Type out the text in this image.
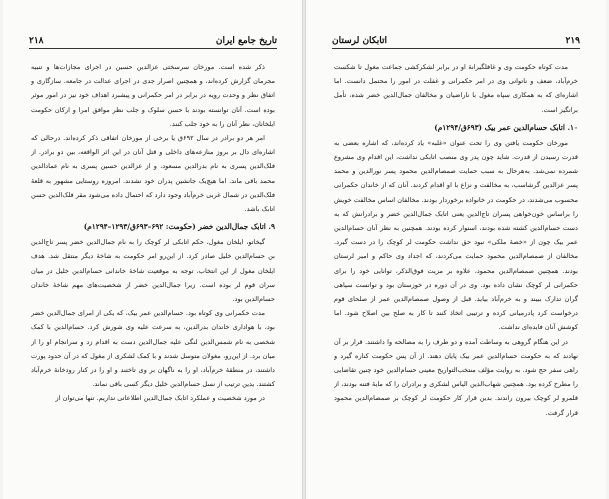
۲۱۸	تاریخ جامع ایران

ذکر شده است. مورخان سرسختی عزالدین حسین در اجرای مجازات‌ها و تنبیه مجرمان گزارش کرده‌اند، و همچنین اصرار جدی در اجرای عدالت در جامعه. سازگاری و اتفاق نظر و وحدت رویه در برابر در امر حکمرانی و پیشبرد اهداف خود نیز در امور موثر بوده است. آنان توانسته بودند با حسن سلوک و جلب نظر موافق امرا و ارکان حکومت ایلخانان، نظر آنان را به خود جلب کنند.

امر هر دو برادر در سال ۶۹۲ق یا برخی از مورخان اتفاقی ذکر کرده‌اند. درحالی که اشاره‌ای دال بر بروز منازعه‌های داخلی و قتل آنان در این اثر الواقعه، بین دو برادر. از فلک‌الدین پسری به نام بدرالدین مسعود، و از عزالدین حسین پسری به نام عمادالدین محمد باقی ماند. اما هیچ‌یک جانشین پدران خود نشدند. امروزه روستایی مشهور به قلعهٔ فلک‌الدین در شمال غربی خرم‌آباد وجود دارد که احتمال داده می‌شود مقر فلک‌الدین حسن اتابک باشد.

۹. اتابک جمال‌الدین خضر (حکومت: ۶۹۲–۶۹۳ق/۱۲۹۳–۱۲۹۴م)

گیخاتو، ایلخان مغول، حکم اتابکی لر کوچک را به نام جمال‌الدین خضر پسر تاج‌الدین بن حسام‌الدین خلیل صادر کرد. از این‌رو امر حکومت به شاخهٔ دیگر منتقل شد. هدف ایلخان مغول از این انتخاب، توجه به موقعیت شاخهٔ خاندانی حسام‌الدین خلیل در میان سران قوم لر بوده است. زیرا جمال‌الدین خضر از شخصیت‌های مهم شاخهٔ خاندان حسام‌الدین بود.

مدت حکمرانی وی کوتاه بود. حسام‌الدین عمر بیک، که یکی از امرای جمال‌الدین خضر بود، با هواداری خاندان بدرالدین، به سرعت علیه وی شورش کرد. حسام‌الدین با کمک شخصی به نام شمس‌الدین لنگی علیه جمال‌الدین دست به اقدام زد و سرانجام او را از میان برد. از این‌رو، مغولان متوسل شدند و با کمک لشکری از مغول که در آن حدود پورت داشتند، در منطقهٔ خرم‌آباد، او را به ناگهان بر وی تاختند و او را در کنار رودخانهٔ خرم‌آباد کشتند. بدین ترتیب از نسل حسام‌الدین خلیل دیگر کسی باقی نماند.

در مورد شخصیت و عملکرد اتابک جمال‌الدین اطلاعاتی نداریم. تنها می‌توان از

۲۱۹
اتابکان لرستان

مدت کوتاه حکومت وی و غافلگیرانهٔ او در برابر لشکرکشی جماعت مغول تا شکست خرم‌آباد، ضعف و ناتوانی وی در امر حکمرانی و غفلت در امور را محتمل دانست. اما اشاره‌ای که به همکاری سپاه مغول با ناراضیان و مخالفان جمال‌الدین خضر شده، تأمل برانگیز است.

۱۰. اتابک حسام‌الدین عمر بیک (۶۹۳ق/۱۲۹۴م)

مورخان حکومت یافتن وی را تحت عنوان «غلبه» یاد کرده‌اند، که اشاره بعضی به قدرت رسیدن از قدرت. شاید چون پدر وی منصب اتابکی نداشت، این اقدام وی مشروع شمرده نمی‌شد. به‌هرحال به سبب حمایت صمصام‌الدین محمود پسر نورالدین و محمد پسر عزالدین گرشاسب، به مخالفت و نزاع با او اقدام کردند. آنان که از خاندان حکمرانی محسوب می‌شدند، در حکومت در خانواده برخوردار بودند. مخالفان اساس مخالفت خویش را براساس خون‌خواهی پسران تاج‌الدین یعنی اتابک جمال‌الدین خضر و برادرانش که به دست حسام‌الدین کشته شده بودند، استوار کرده بودند. همچنین به نظر آنان حسام‌الدین عمر بیک چون از «خصهٔ ملکی» نبود حق نداشت حکومت لر کوچک را در دست گیرد. مخالفان از صمصام‌الدین محمود حمایت می‌کردند، که اجداد وی حاکم و امیر لرستان بودند. همچنین صمصام‌الدین محمود، علاوه بر مزیت فوق‌الذکر، توانایی خود را برای حکمرانی لر کوچک نشان داده بود. وی در آن دوره در خوزستان بود و توانست سپاهی گران تدارک ببیند و به خرم‌آباد بیاید. قبل از وصول صمصام‌الدین عمر از صلحای قوم درخواست کرد پادرمیانی کرده و ترتیبی اتخاذ کنند تا کار به صلح بین اصلاح شود. اما کوشش آنان فایده‌ای نداشت.

در این هنگام گروهی به وساطت آمده و دو طرف را به مصالحه وا داشتند. قرار بر آن نهادند که به حکومت حسام‌الدین عمر بیک پایان دهند. از آن پس حکومت کناره گیرد و راهی سفر حج شود. به روایت مؤلف منتخب‌التواریخ معینی حسام‌الدین خود چنین تقاضایی را مطرح کرده بود. همچنین شهاب‌الدین الیاس لشکری و برادران را که مایهٔ فتنه بودند، از قلمرو لر کوچک بیرون راندند. بدین قرار کار حکومت لر کوچک بر صمصام‌الدین محمود قرار گرفت.
